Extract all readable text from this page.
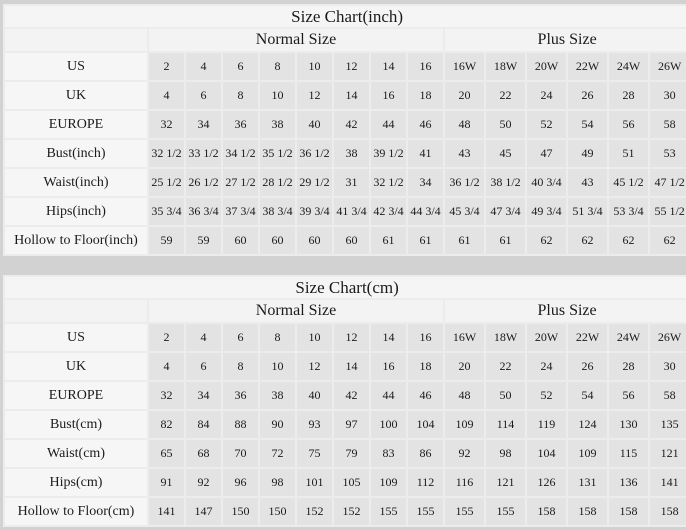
Size Chart(inch)														
	Normal Size								Plus Size					
US	2	4	6	8	10	12	14	16	16W	18W	20W	22W	24W	26W
UK	4	6	8	10	12	14	16	18	20	22	24	26	28	30
EUROPE	32	34	36	38	40	42	44	46	48	50	52	54	56	58
Bust(inch)	32 1/2	33 1/2	34 1/2	35 1/2	36 1/2	38	39 1/2	41	43	45	47	49	51	53
Waist(inch)	25 1/2	26 1/2	27 1/2	28 1/2	29 1/2	31	32 1/2	34	36 1/2	38 1/2	40 3/4	43	45 1/2	47 1/2
Hips(inch)	35 3/4	36 3/4	37 3/4	38 3/4	39 3/4	41 3/4	42 3/4	44 3/4	45 3/4	47 3/4	49 3/4	51 3/4	53 3/4	55 1/2
Hollow to Floor(inch)	59	59	60	60	60	60	61	61	61	61	62	62	62	62
Size Chart(cm)														
	Normal Size								Plus Size					
US	2	4	6	8	10	12	14	16	16W	18W	20W	22W	24W	26W
UK	4	6	8	10	12	14	16	18	20	22	24	26	28	30
EUROPE	32	34	36	38	40	42	44	46	48	50	52	54	56	58
Bust(cm)	82	84	88	90	93	97	100	104	109	114	119	124	130	135
Waist(cm)	65	68	70	72	75	79	83	86	92	98	104	109	115	121
Hips(cm)	91	92	96	98	101	105	109	112	116	121	126	131	136	141
Hollow to Floor(cm)	141	147	150	150	152	152	155	155	155	155	158	158	158	158
